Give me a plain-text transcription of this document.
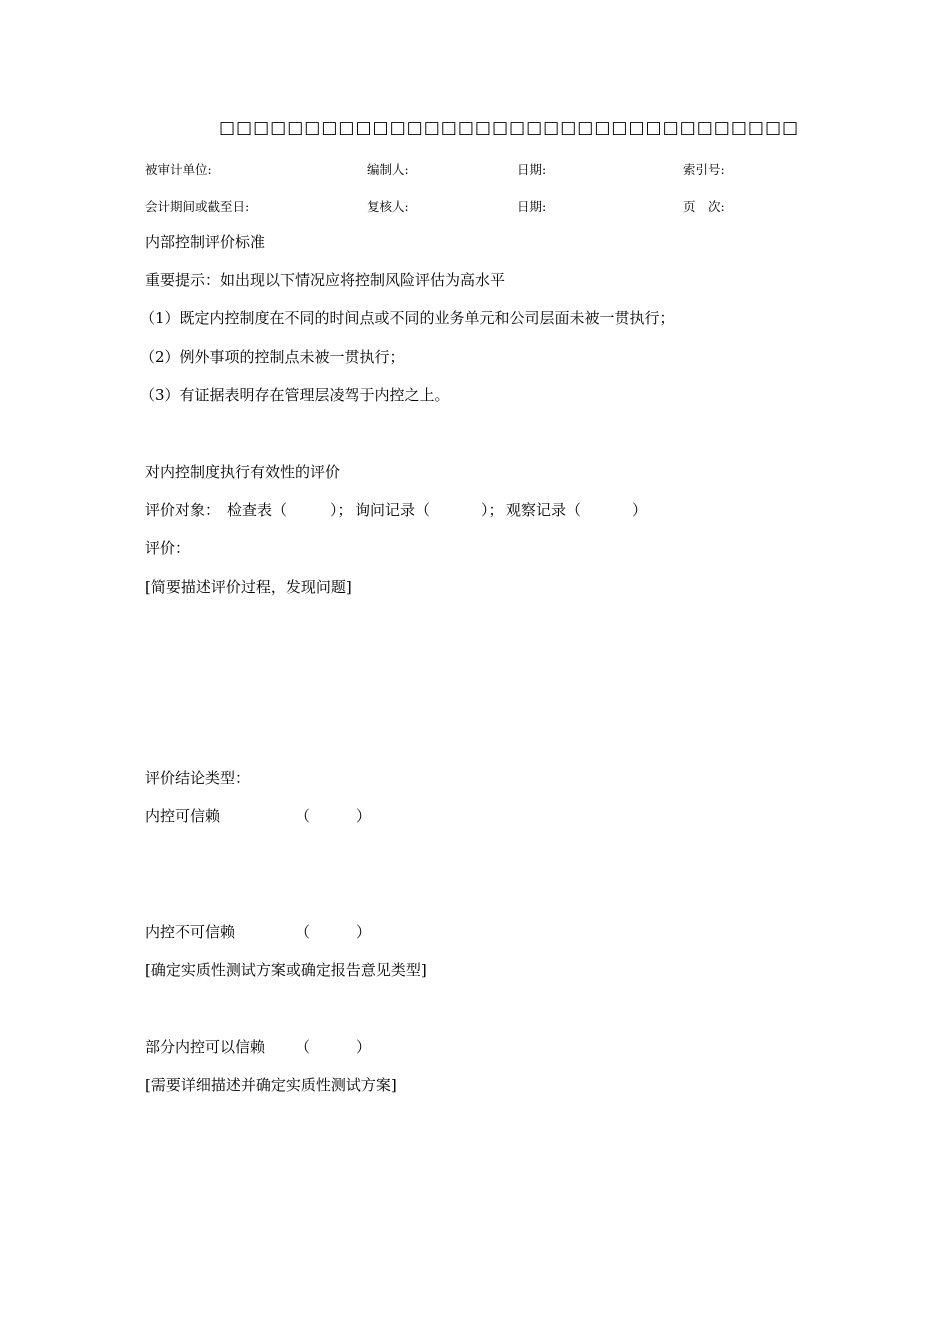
□□□□□□□□□□□□□□□□□□□□□□□□□□□□□□□□□□
被审计单位:	编制人:	日期:	索引号:
会计期间或截至日:	复核人:	日期:	页　次:
内部控制评价标准
重要提示：如出现以下情况应将控制风险评估为高水平
（1）既定内控制度在不同的时间点或不同的业务单元和公司层面未被一贯执行；
（2）例外事项的控制点未被一贯执行；
（3）有证据表明存在管理层凌驾于内控之上。
对内控制度执行有效性的评价
评价对象： 检查表（	）； 询问记录（	）； 观察记录（	）
评价：
[简要描述评价过程，发现问题]
评价结论类型：
内控可信赖	（	）
内控不可信赖	（	）
[确定实质性测试方案或确定报告意见类型]
部分内控可以信赖 （	）
[需要详细描述并确定实质性测试方案]
